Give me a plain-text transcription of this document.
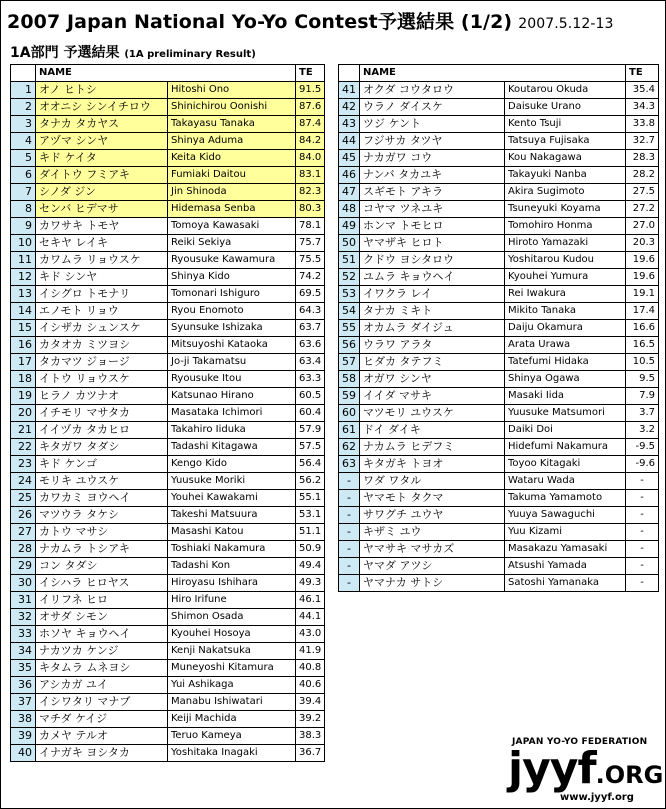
2007 Japan National Yo-Yo Contest予選結果 (1/2) 2007.5.12-13
1A部門 予選結果 (1A preliminary Result)
	NAME		TE
1	オノ ヒトシ	Hitoshi Ono	91.5
2	オオニシ シンイチロウ	Shinichirou Oonishi	87.6
3	タナカ タカヤス	Takayasu Tanaka	87.4
4	アヅマ シンヤ	Shinya Aduma	84.2
5	キド ケイタ	Keita Kido	84.0
6	ダイトウ フミアキ	Fumiaki Daitou	83.1
7	シノダ ジン	Jin Shinoda	82.3
8	センバ ヒデマサ	Hidemasa Senba	80.3
9	カワサキ トモヤ	Tomoya Kawasaki	78.1
10	セキヤ レイキ	Reiki Sekiya	75.7
11	カワムラ リョウスケ	Ryousuke Kawamura	75.5
12	キド シンヤ	Shinya Kido	74.2
13	イシグロ トモナリ	Tomonari Ishiguro	69.5
14	エノモト リョウ	Ryou Enomoto	64.3
15	イシザカ シュンスケ	Syunsuke Ishizaka	63.7
16	カタオカ ミツヨシ	Mitsuyoshi Kataoka	63.6
17	タカマツ ジョージ	Jo-ji Takamatsu	63.4
18	イトウ リョウスケ	Ryousuke Itou	63.3
19	ヒラノ カツナオ	Katsunao Hirano	60.5
20	イチモリ マサタカ	Masataka Ichimori	60.4
21	イイヅカ タカヒロ	Takahiro Iiduka	57.9
22	キタガワ タダシ	Tadashi Kitagawa	57.5
23	キド ケンゴ	Kengo Kido	56.4
24	モリキ ユウスケ	Yuusuke Moriki	56.2
25	カワカミ ヨウヘイ	Youhei Kawakami	55.1
26	マツウラ タケシ	Takeshi Matsuura	53.1
27	カトウ マサシ	Masashi Katou	51.1
28	ナカムラ トシアキ	Toshiaki Nakamura	50.9
29	コン タダシ	Tadashi Kon	49.4
30	イシハラ ヒロヤス	Hiroyasu Ishihara	49.3
31	イリフネ ヒロ	Hiro Irifune	46.1
32	オサダ シモン	Shimon Osada	44.1
33	ホソヤ キョウヘイ	Kyouhei Hosoya	43.0
34	ナカツカ ケンジ	Kenji Nakatsuka	41.9
35	キタムラ ムネヨシ	Muneyoshi Kitamura	40.8
36	アシカガ ユイ	Yui Ashikaga	40.6
37	イシワタリ マナブ	Manabu Ishiwatari	39.4
38	マチダ ケイジ	Keiji Machida	39.2
39	カメヤ テルオ	Teruo Kameya	38.3
40	イナガキ ヨシタカ	Yoshitaka Inagaki	36.7
	NAME		TE
41	オクダ コウタロウ	Koutarou Okuda	35.4
42	ウラノ ダイスケ	Daisuke Urano	34.3
43	ツジ ケント	Kento Tsuji	33.8
44	フジサカ タツヤ	Tatsuya Fujisaka	32.7
45	ナカガワ コウ	Kou Nakagawa	28.3
46	ナンバ タカユキ	Takayuki Nanba	28.2
47	スギモト アキラ	Akira Sugimoto	27.5
48	コヤマ ツネユキ	Tsuneyuki Koyama	27.2
49	ホンマ トモヒロ	Tomohiro Honma	27.0
50	ヤマザキ ヒロト	Hiroto Yamazaki	20.3
51	クドウ ヨシタロウ	Yoshitarou Kudou	19.6
52	ユムラ キョウヘイ	Kyouhei Yumura	19.6
53	イワクラ レイ	Rei Iwakura	19.1
54	タナカ ミキト	Mikito Tanaka	17.4
55	オカムラ ダイジュ	Daiju Okamura	16.6
56	ウラワ アラタ	Arata Urawa	16.5
57	ヒダカ タテフミ	Tatefumi Hidaka	10.5
58	オガワ シンヤ	Shinya Ogawa	9.5
59	イイダ マサキ	Masaki Iida	7.9
60	マツモリ ユウスケ	Yuusuke Matsumori	3.7
61	ドイ ダイキ	Daiki Doi	3.2
62	ナカムラ ヒデフミ	Hidefumi Nakamura	-9.5
63	キタガキ トヨオ	Toyoo Kitagaki	-9.6
-	ワダ ワタル	Wataru Wada	-
-	ヤマモト タクマ	Takuma Yamamoto	-
-	サワグチ ユウヤ	Yuuya Sawaguchi	-
-	キザミ ユウ	Yuu Kizami	-
-	ヤマサキ マサカズ	Masakazu Yamasaki	-
-	ヤマダ アツシ	Atsushi Yamada	-
-	ヤマナカ サトシ	Satoshi Yamanaka	-
JAPAN YO-YO FEDERATION
jyyf.ORG
www.jyyf.org
